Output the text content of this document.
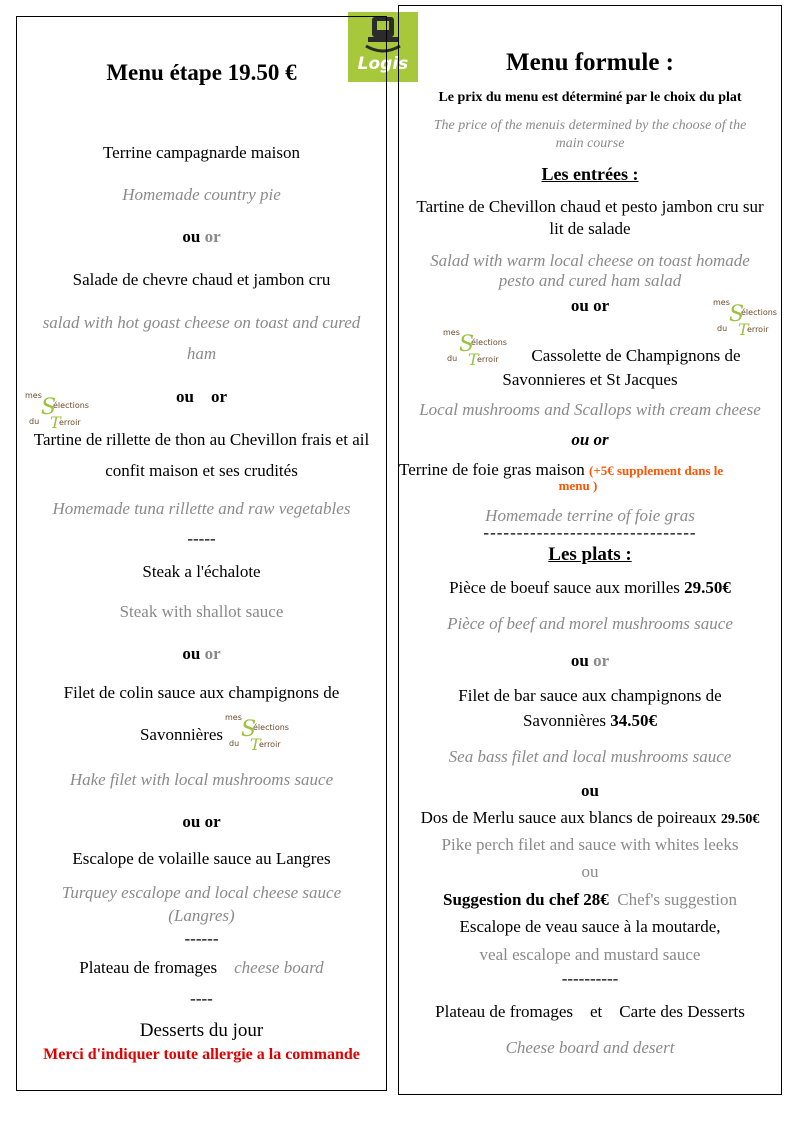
Logis
Menu étape 19.50 €
Terrine campagnarde maison
Homemade country pie
ou or
Salade de chevre chaud et jambon cru
salad with hot goast cheese on toast and cured
ham
ou or
mes S
élections
du T
erroir
Tartine de rillette de thon au Chevillon frais et ail
confit maison et ses crudités
Homemade tuna rillette and raw vegetables
-----
Steak a l'échalote
Steak with shallot sauce
ou or
Filet de colin sauce aux champignons de
Savonnières
mes S
élections
du T
erroir
Hake filet with local mushrooms sauce
ou or
Escalope de volaille sauce au Langres
Turquey escalope and local cheese sauce
(Langres)
------
Plateau de fromages cheese board
----
Desserts du jour
Merci d'indiquer toute allergie a la commande
Menu formule :
Le prix du menu est déterminé par le choix du plat
The price of the menuis determined by the choose of the
main course
Les entrées :
Tartine de Chevillon chaud et pesto jambon cru sur
lit de salade
Salad with warm local cheese on toast homade
pesto and cured ham salad
ou or	mes S
élections
du T
erroir
mes S
élections
du T
erroir	Cassolette de Champignons de
Savonnieres et St Jacques
Local mushrooms and Scallops with cream cheese
ou or
Terrine de foie gras maison (+5€ supplement dans le
menu )
Homemade terrine of foie gras
--------------------------------
Les plats :
Pièce de boeuf sauce aux morilles 29.50€
Pièce of beef and morel mushrooms sauce
ou or
Filet de bar sauce aux champignons de
Savonnières 34.50€
Sea bass filet and local mushrooms sauce
ou
Dos de Merlu sauce aux blancs de poireaux 29.50€
Pike perch filet and sauce with whites leeks
ou
Suggestion du chef 28€ Chef's suggestion
Escalope de veau sauce à la moutarde,
veal escalope and mustard sauce
----------
Plateau de fromages et Carte des Desserts
Cheese board and desert
